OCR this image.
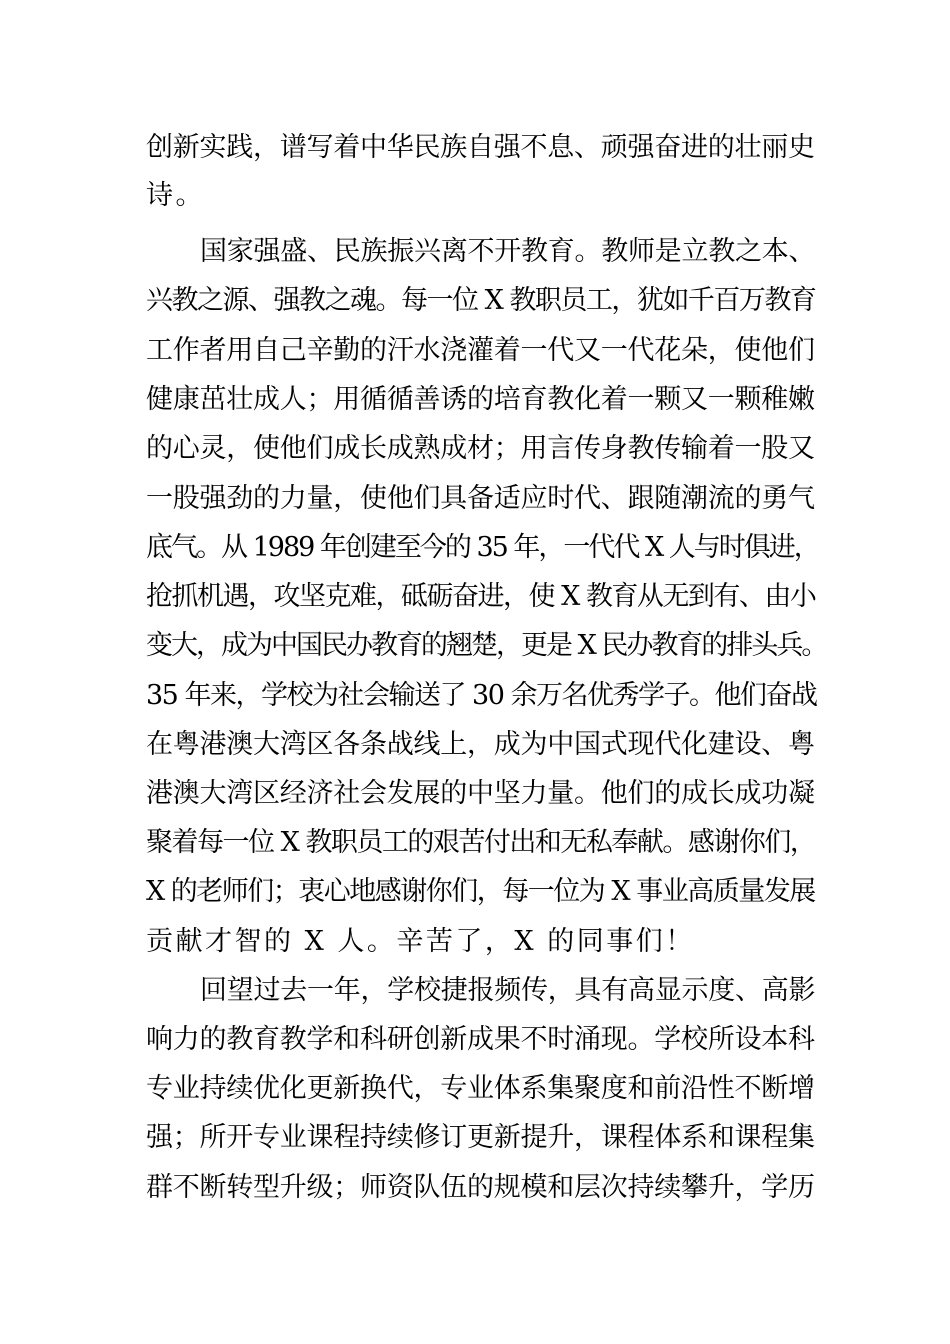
创新实践，谱写着中华民族自强不息、顽强奋进的壮丽史
诗。
国家强盛、民族振兴离不开教育。教师是立教之本、
兴教之源、强教之魂。每一位 X 教职员工，犹如千百万教育
工作者用自己辛勤的汗水浇灌着一代又一代花朵，使他们
健康茁壮成人；用循循善诱的培育教化着一颗又一颗稚嫩
的心灵，使他们成长成熟成材；用言传身教传输着一股又
一股强劲的力量，使他们具备适应时代、跟随潮流的勇气
底气。从 1989 年创建至今的 35 年，一代代 X 人与时俱进，
抢抓机遇，攻坚克难，砥砺奋进，使 X 教育从无到有、由小
变大，成为中国民办教育的翘楚，更是 X 民办教育的排头兵。
35 年来，学校为社会输送了 30 余万名优秀学子。他们奋战
在粤港澳大湾区各条战线上，成为中国式现代化建设、粤
港澳大湾区经济社会发展的中坚力量。他们的成长成功凝
聚着每一位 X 教职员工的艰苦付出和无私奉献。感谢你们，
X 的老师们；衷心地感谢你们，每一位为 X 事业高质量发展
贡献才智的 X 人。辛苦了，X 的同事们！
回望过去一年，学校捷报频传，具有高显示度、高影
响力的教育教学和科研创新成果不时涌现。学校所设本科
专业持续优化更新换代，专业体系集聚度和前沿性不断增
强；所开专业课程持续修订更新提升，课程体系和课程集
群不断转型升级；师资队伍的规模和层次持续攀升，学历
